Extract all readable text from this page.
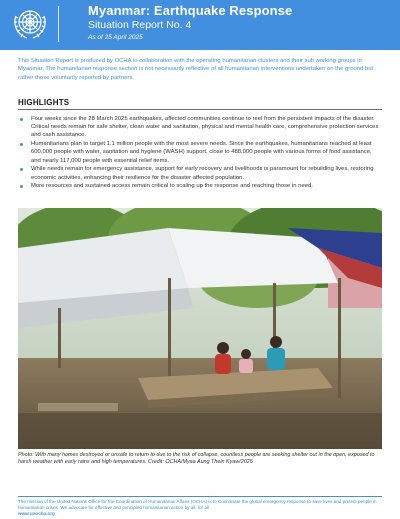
Myanmar: Earthquake Response
Situation Report No. 4
As of 25 April 2025

This Situation Report is produced by OCHA in collaboration with the operating humanitarian clusters and their sub working groups in Myanmar. The humanitarian response section is not necessarily reflective of all humanitarian interventions undertaken on the ground but rather those voluntarily reported by partners.

HIGHLIGHTS
Four weeks since the 28 March 2025 earthquakes, affected communities continue to reel from the persistent impacts of the disaster. Critical needs remain for safe shelter, clean water and sanitation, physical and mental health care, comprehensive protection services and cash assistance.
Humanitarians plan to target 1.1 million people with the most severe needs. Since the earthquakes, humanitarians reached at least 600,000 people with water, sanitation and hygiene (WASH) support, close to 488,000 people with various forms of food assistance, and nearly 117,000 people with essential relief items.
While needs remain for emergency assistance, support for early recovery and livelihoods is paramount for rebuilding lives, restoring economic activities, enhancing their resilience for the disaster affected population.
More resources and sustained access remain critical to scaling up the response and reaching those in need.

Photo: With many homes destroyed or unsafe to return to due to the risk of collapse, countless people are seeking shelter out in the open, exposed to harsh weather with early rains and high temperatures. Credit: OCHA/Myaa Aung Thein Kyaw/2025

The mission of the United Nations Office for the Coordination of Humanitarian Affairs (OCHA) is to Coordinate the global emergency response to save lives and protect people in humanitarian crises. We advocate for effective and principled humanitarian action by all, for all.
www.unocha.org
